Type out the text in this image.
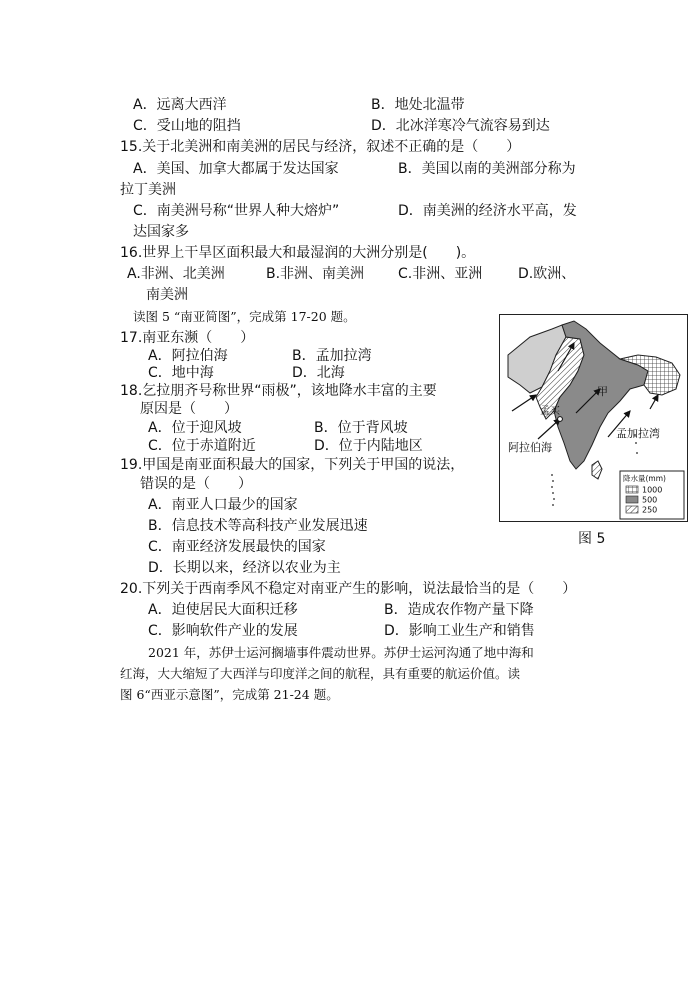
A．远离大西洋	B．地处北温带
C．受山地的阻挡	D．北冰洋寒冷气流容易到达
15.关于北美洲和南美洲的居民与经济，叙述不正确的是（　　）
A．美国、加拿大都属于发达国家	B．美国以南的美洲部分称为
拉丁美洲
C．南美洲号称“世界人种大熔炉”	D．南美洲的经济水平高，发
达国家多
16.世界上干旱区面积最大和最湿润的大洲分别是(　　)。
A.非洲、北美洲	B.非洲、南美洲 C.非洲、亚洲	D.欧洲、
南美洲
读图 5 “南亚简图”，完成第 17-20 题。
17.南亚东濒（　　）
A．阿拉伯海	B．孟加拉湾
C．地中海	D．北海
18.乞拉朋齐号称世界“雨极”，该地降水丰富的主要
原因是（　　）
A．位于迎风坡	B．位于背风坡
C．位于赤道附近	D．位于内陆地区
19.甲国是南亚面积最大的国家，下列关于甲国的说法，
错误的是（　　）
A．南亚人口最少的国家
B．信息技术等高科技产业发展迅速
C．南亚经济发展最快的国家
D．长期以来，经济以农业为主
20.下列关于西南季风不稳定对南亚产生的影响，说法最恰当的是（　　）
A．迫使居民大面积迁移	B．造成农作物产量下降
C．影响软件产业的发展	D．影响工业生产和销售
2021 年，苏伊士运河搁墙事件震动世界。苏伊士运河沟通了地中海和
红海，大大缩短了大西洋与印度洋之间的航程，具有重要的航运价值。读
图 6“西亚示意图”，完成第 21-24 题。
甲
孟买
阿拉伯海
孟加拉湾
降水量(mm)
1000
500
250
图 5
